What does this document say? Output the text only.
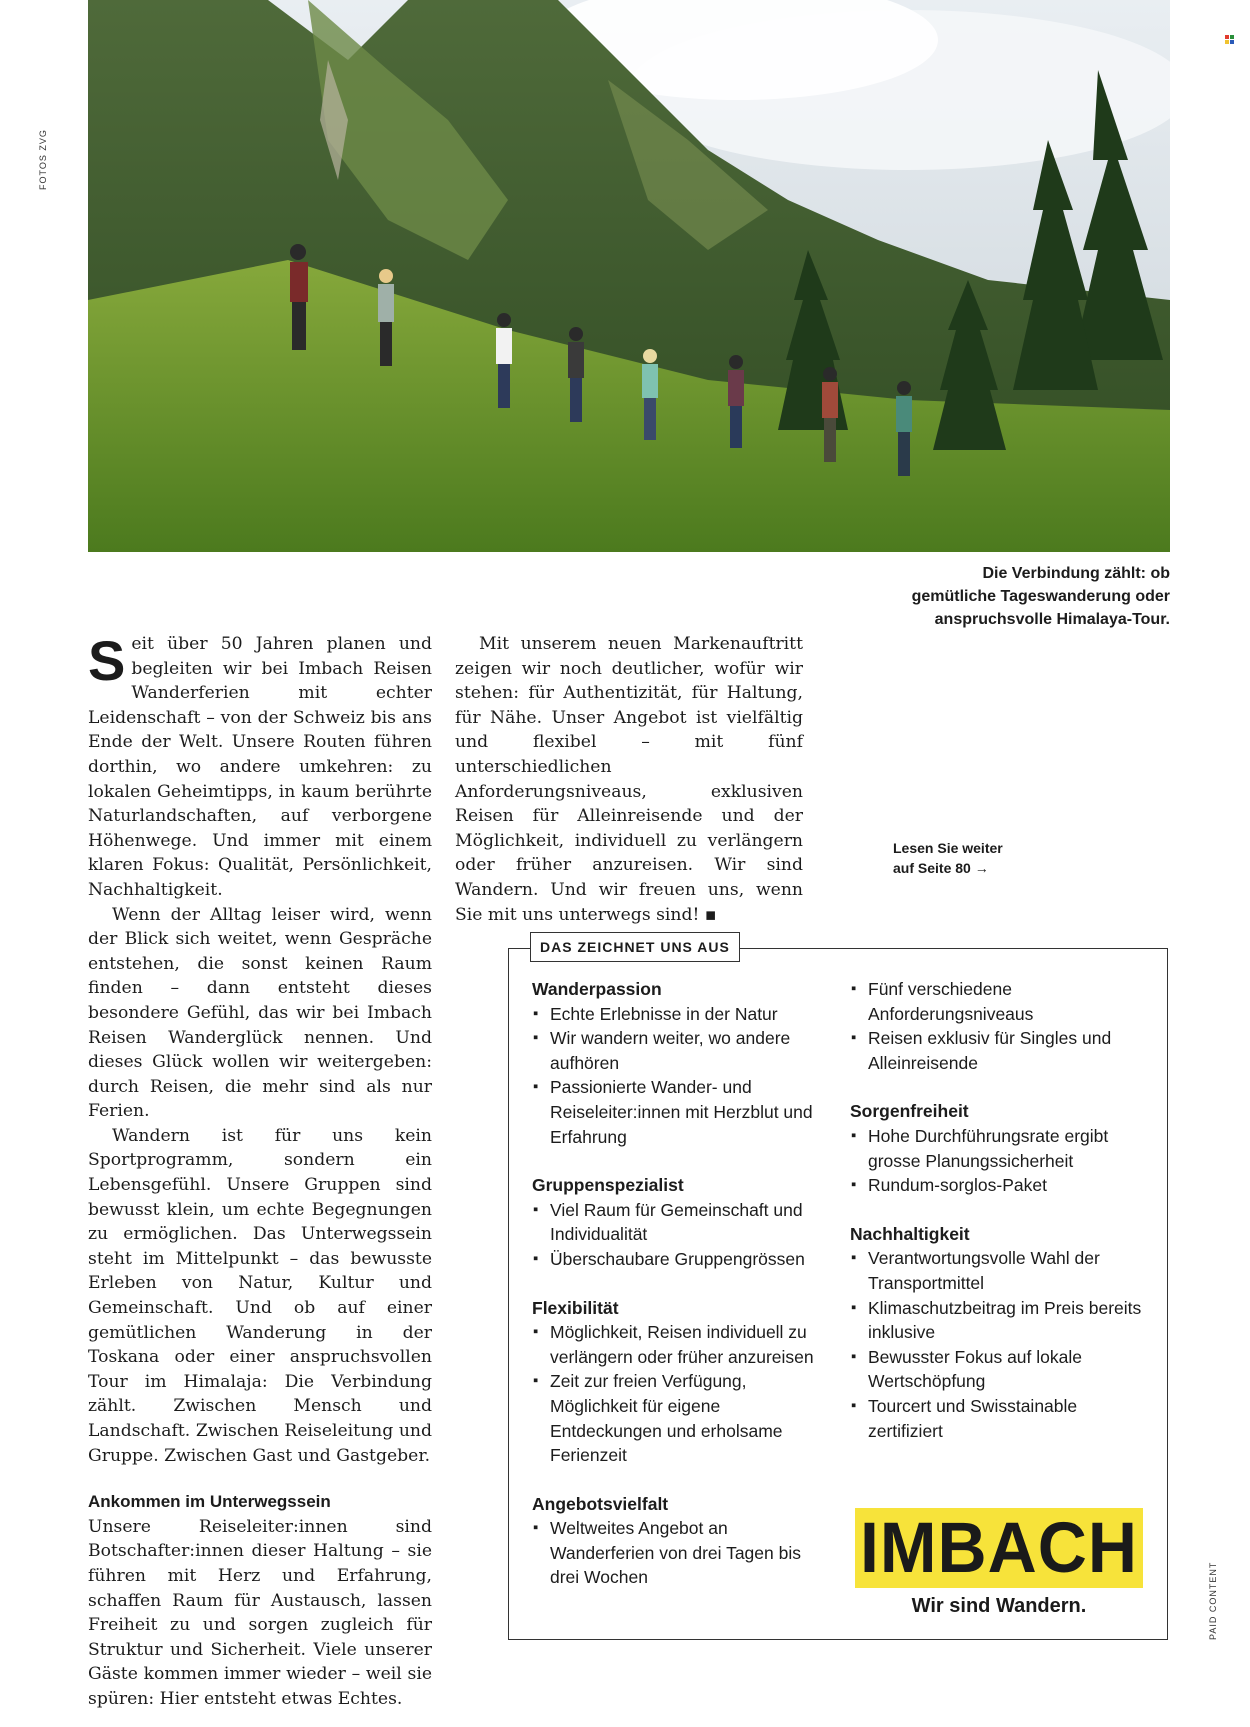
FOTOS ZVG
PAID CONTENT
Die Verbindung zählt: ob gemütliche Tageswanderung oder anspruchsvolle Himalaya-Tour.
Lesen Sie weiter
auf Seite 80 →

Seit über 50 Jahren planen und begleiten wir bei Imbach Reisen Wanderferien mit echter Leidenschaft – von der Schweiz bis ans Ende der Welt. Unsere Routen führen dorthin, wo andere umkehren: zu lokalen Geheimtipps, in kaum berührte Naturlandschaften, auf verborgene Höhenwege. Und immer mit einem klaren Fokus: Qualität, Persönlichkeit, Nachhaltigkeit.

Wenn der Alltag leiser wird, wenn der Blick sich weitet, wenn Gespräche entstehen, die sonst keinen Raum finden – dann entsteht dieses besondere Gefühl, das wir bei Imbach Reisen Wanderglück nennen. Und dieses Glück wollen wir weitergeben: durch Reisen, die mehr sind als nur Ferien.

Wandern ist für uns kein Sportprogramm, sondern ein Lebensgefühl. Unsere Gruppen sind bewusst klein, um echte Begegnungen zu ermöglichen. Das Unterwegssein steht im Mittelpunkt – das bewusste Erleben von Natur, Kultur und Gemeinschaft. Und ob auf einer gemütlichen Wanderung in der Toskana oder einer anspruchsvollen Tour im Himalaja: Die Verbindung zählt. Zwischen Mensch und Landschaft. Zwischen Reiseleitung und Gruppe. Zwischen Gast und Gastgeber.

Ankommen im Unterwegssein

Unsere Reiseleiter:innen sind Botschafter:innen dieser Haltung – sie führen mit Herz und Erfahrung, schaffen Raum für Austausch, lassen Freiheit zu und sorgen zugleich für Struktur und Sicherheit. Viele unserer Gäste kommen immer wieder – weil sie spüren: Hier entsteht etwas Echtes.

Mit unserem neuen Markenauftritt zeigen wir noch deutlicher, wofür wir stehen: für Authentizität, für Haltung, für Nähe. Unser Angebot ist vielfältig und flexibel – mit fünf unterschiedlichen Anforderungsniveaus, exklusiven Reisen für Alleinreisende und der Möglichkeit, individuell zu verlängern oder früher anzureisen. Wir sind Wandern. Und wir freuen uns, wenn Sie mit uns unterwegs sind! ▪

DAS ZEICHNET UNS AUS
Wanderpassion
▪ Echte Erlebnisse in der Natur
▪ Wir wandern weiter, wo andere aufhören
▪ Passionierte Wander- und Reiseleiter:innen mit Herzblut und Erfahrung
Gruppenspezialist
▪ Viel Raum für Gemeinschaft und Individualität
▪ Überschaubare Gruppengrössen
Flexibilität
▪ Möglichkeit, Reisen individuell zu verlängern oder früher anzureisen
▪ Zeit zur freien Verfügung, Möglichkeit für eigene Entdeckungen und erholsame Ferienzeit
Angebotsvielfalt
▪ Weltweites Angebot an Wanderferien von drei Tagen bis drei Wochen
▪ Fünf verschiedene Anforderungsniveaus
▪ Reisen exklusiv für Singles und Alleinreisende
Sorgenfreiheit
▪ Hohe Durchführungsrate ergibt grosse Planungssicherheit
▪ Rundum-sorglos-Paket
Nachhaltigkeit
▪ Verantwortungsvolle Wahl der Transportmittel
▪ Klimaschutzbeitrag im Preis bereits inklusive
▪ Bewusster Fokus auf lokale Wertschöpfung
▪ Tourcert und Swisstainable zertifiziert
IMBACH
Wir sind Wandern.
